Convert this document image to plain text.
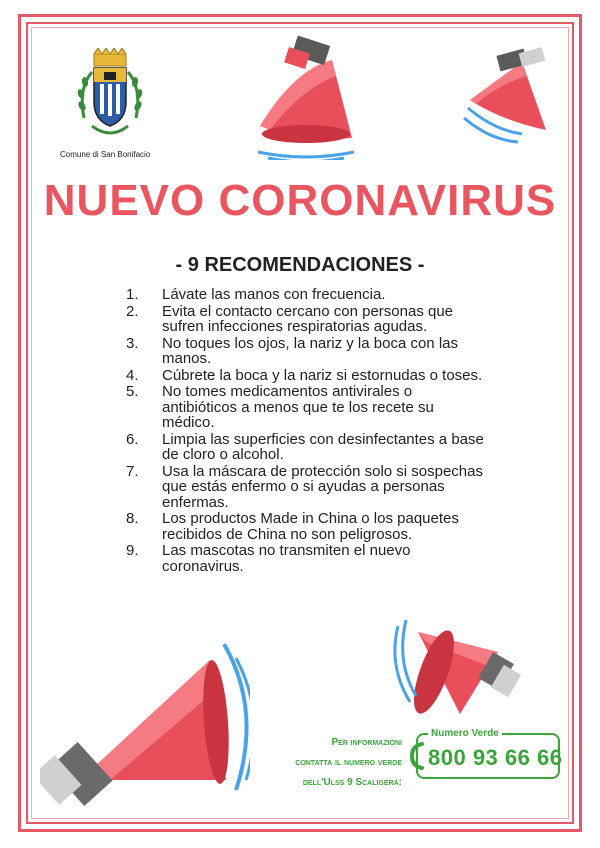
Comune di San Bonifacio
NUEVO CORONAVIRUS
- 9 RECOMENDACIONES -
1.	Lávate las manos con frecuencia.
2.	Evita el contacto cercano con personas que sufren infecciones respiratorias agudas.
3.	No toques los ojos, la nariz y la boca con las manos.
4.	Cúbrete la boca y la nariz si estornudas o toses.
5.	No tomes medicamentos antivirales o antibióticos a menos que te los recete su médico.
6.	Limpia las superficies con desinfectantes a base de cloro o alcohol.
7.	Usa la máscara de protección solo si sospechas que estás enfermo o si ayudas a personas enfermas.
8.	Los productos Made in China o los paquetes recibidos de China no son peligrosos.
9.	Las mascotas no transmiten el nuevo coronavirus.
Per informazioni
contatta il numero verde
dell'Ulss 9 Scaligera:
Numero Verde
800 93 66 66
